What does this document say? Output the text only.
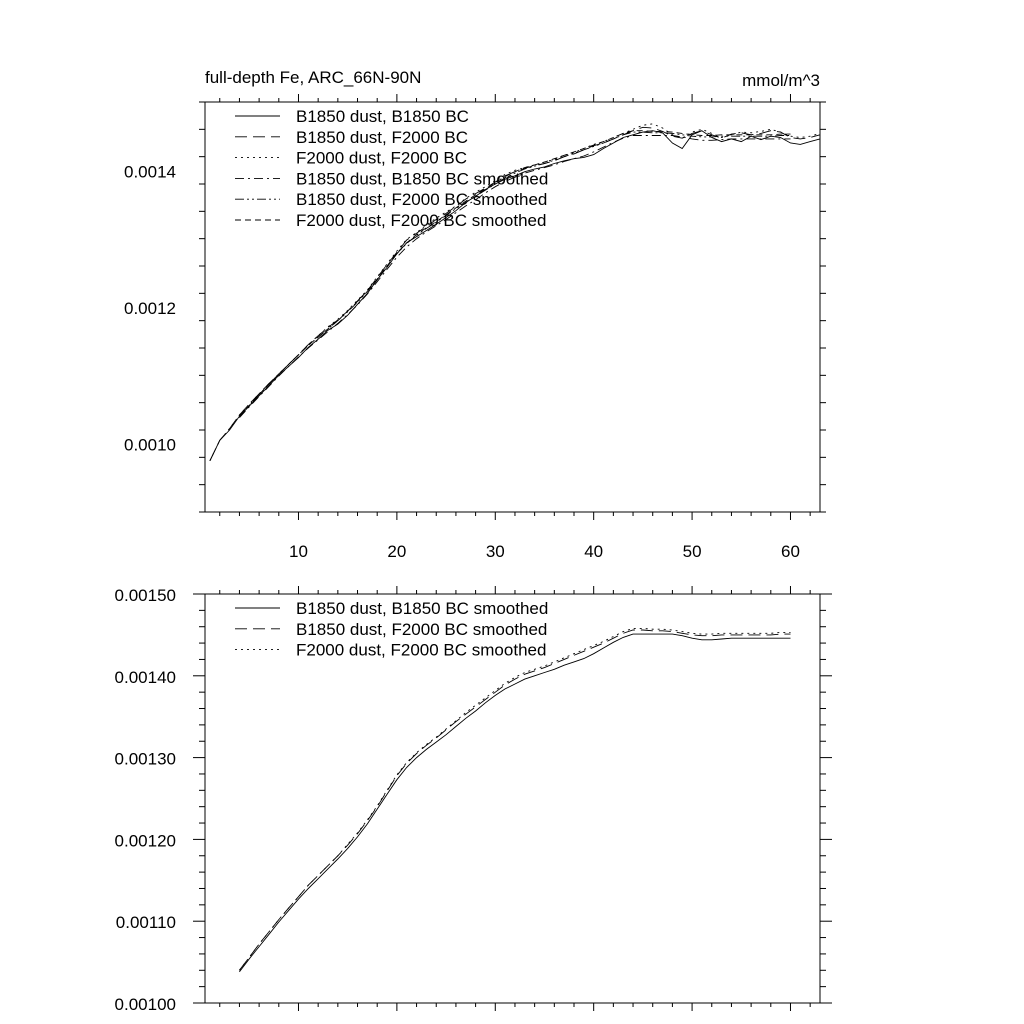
full-depth Fe, ARC_66N-90N	mmol/m^3
10	20	30	40	50	60
0.0010
0.0012
0.0014
B1850 dust, B1850 BC
B1850 dust, F2000 BC
F2000 dust, F2000 BC
B1850 dust, B1850 BC smoothed
B1850 dust, F2000 BC smoothed
F2000 dust, F2000 BC smoothed
0.00100
0.00110
0.00120
0.00130
0.00140
0.00150
B1850 dust, B1850 BC smoothed
B1850 dust, F2000 BC smoothed
F2000 dust, F2000 BC smoothed
